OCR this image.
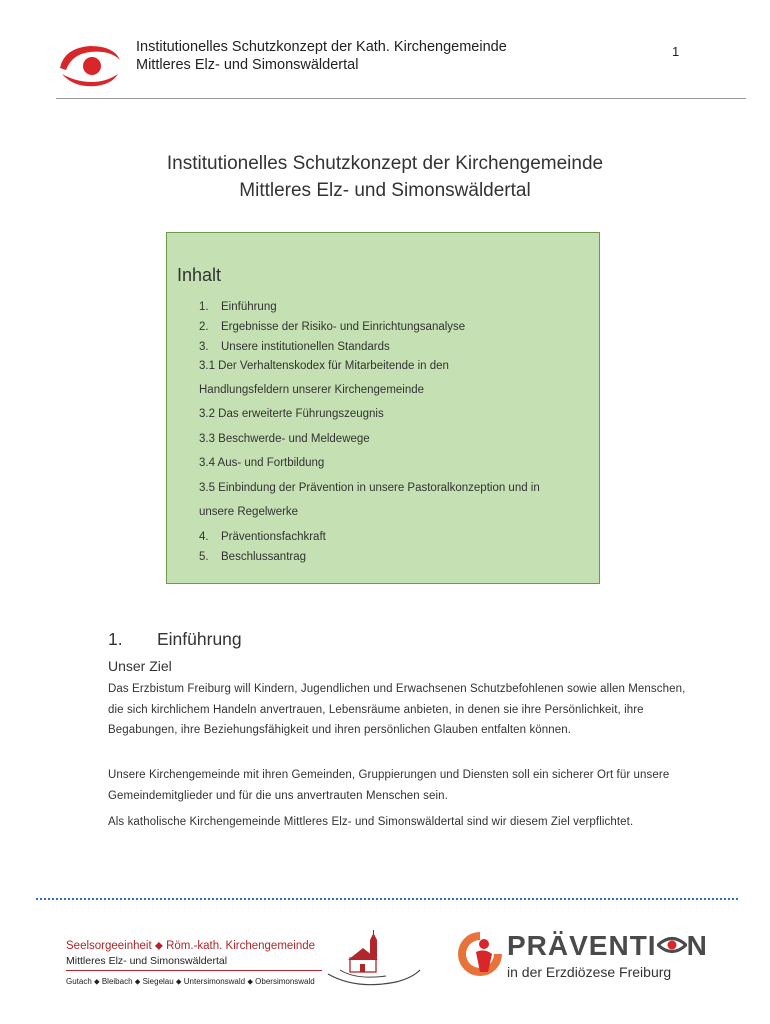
Institutionelles Schutzkonzept der Kath. Kirchengemeinde
Mittleres Elz- und Simonswäldertal
1
Institutionelles Schutzkonzept der Kirchengemeinde
Mittleres Elz- und Simonswäldertal
Inhalt
1. Einführung
2. Ergebnisse der Risiko- und Einrichtungsanalyse
3. Unsere institutionellen Standards
3.1 Der Verhaltenskodex für Mitarbeitende in den
Handlungsfeldern unserer Kirchengemeinde
3.2 Das erweiterte Führungszeugnis
3.3 Beschwerde- und Meldewege
3.4 Aus- und Fortbildung
3.5 Einbindung der Prävention in unsere Pastoralkonzeption und in
unsere Regelwerke
4. Präventionsfachkraft
5. Beschlussantrag
1. Einführung
Unser Ziel
Das Erzbistum Freiburg will Kindern, Jugendlichen und Erwachsenen Schutzbefohlenen sowie allen Menschen, die sich kirchlichem Handeln anvertrauen, Lebensräume anbieten, in denen sie ihre Persönlichkeit, ihre Begabungen, ihre Beziehungsfähigkeit und ihren persönlichen Glauben entfalten können.
Unsere Kirchengemeinde mit ihren Gemeinden, Gruppierungen und Diensten soll ein sicherer Ort für unsere Gemeindemitglieder und für die uns anvertrauten Menschen sein.
Als katholische Kirchengemeinde Mittleres Elz- und Simonswäldertal sind wir diesem Ziel verpflichtet.
Seelsorgeeinheit ⬥ Röm.-kath. Kirchengemeinde
Mittleres Elz- und Simonswäldertal
Gutach ⬥ Bleibach ⬥ Siegelau ⬥ Untersimonswald ⬥ Obersimonswald
PRÄVENTI N
in der Erzdiözese Freiburg
